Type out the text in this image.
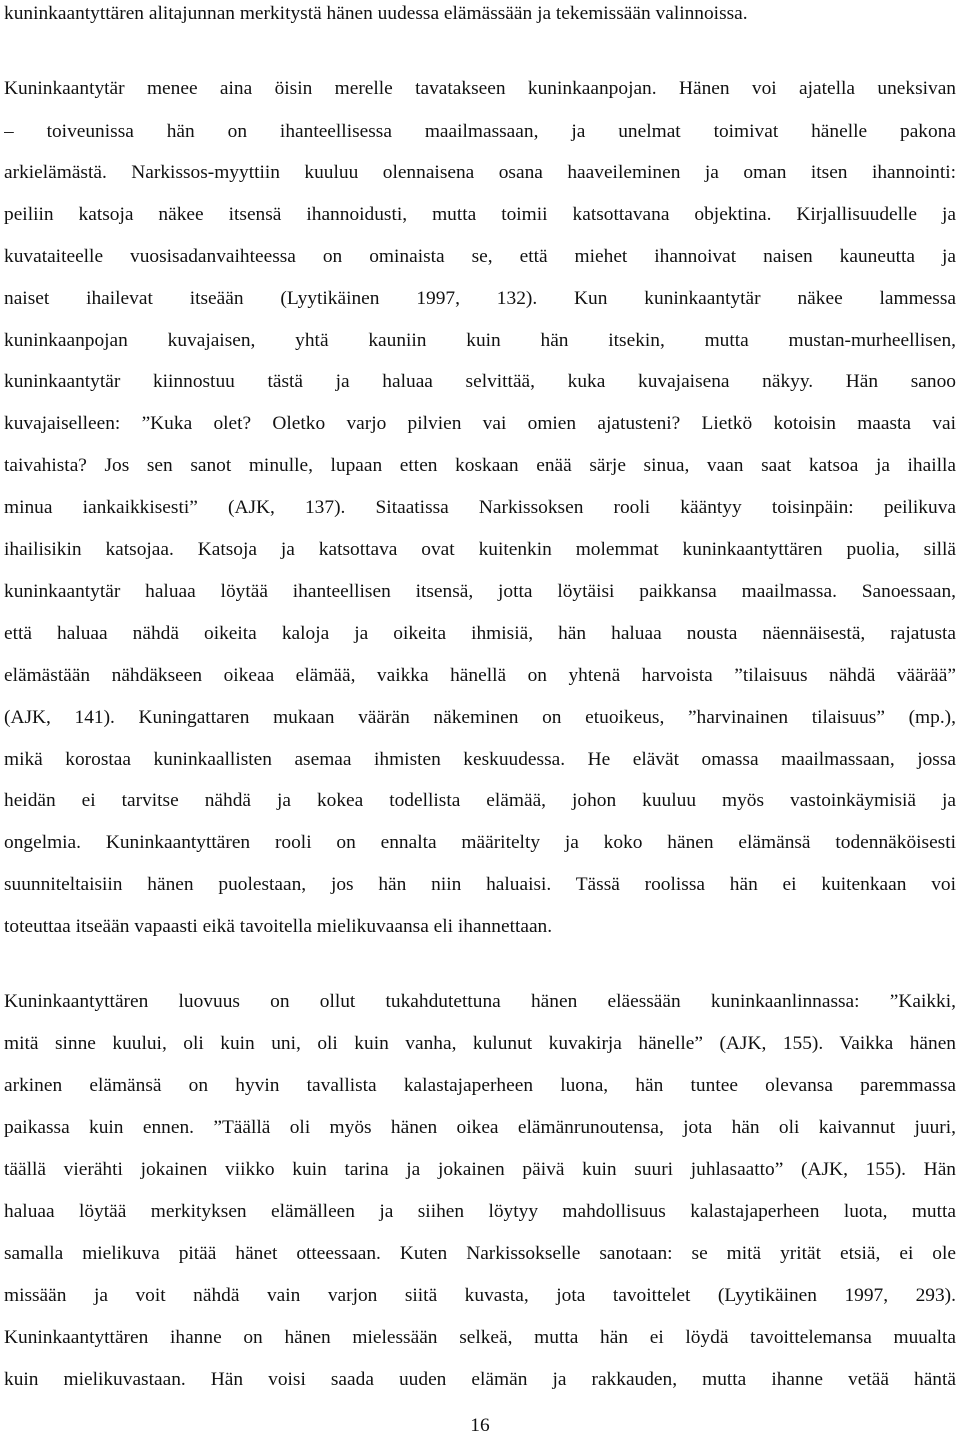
kuninkaantyttären alitajunnan merkitystä hänen uudessa elämässään ja tekemissään valinnoissa.
Kuninkaantytär menee aina öisin merelle tavatakseen kuninkaanpojan. Hänen voi ajatella uneksivan
– toiveunissa hän on ihanteellisessa maailmassaan, ja unelmat toimivat hänelle pakona
arkielämästä. Narkissos-myyttiin kuuluu olennaisena osana haaveileminen ja oman itsen ihannointi:
peiliin katsoja näkee itsensä ihannoidusti, mutta toimii katsottavana objektina. Kirjallisuudelle ja
kuvataiteelle vuosisadanvaihteessa on ominaista se, että miehet ihannoivat naisen kauneutta ja
naiset ihailevat itseään (Lyytikäinen 1997, 132). Kun kuninkaantytär näkee lammessa
kuninkaanpojan kuvajaisen, yhtä kauniin kuin hän itsekin, mutta mustan-murheellisen,
kuninkaantytär kiinnostuu tästä ja haluaa selvittää, kuka kuvajaisena näkyy. Hän sanoo
kuvajaiselleen: ”Kuka olet? Oletko varjo pilvien vai omien ajatusteni? Lietkö kotoisin maasta vai
taivahista? Jos sen sanot minulle, lupaan etten koskaan enää särje sinua, vaan saat katsoa ja ihailla
minua iankaikkisesti” (AJK, 137). Sitaatissa Narkissoksen rooli kääntyy toisinpäin: peilikuva
ihailisikin katsojaa. Katsoja ja katsottava ovat kuitenkin molemmat kuninkaantyttären puolia, sillä
kuninkaantytär haluaa löytää ihanteellisen itsensä, jotta löytäisi paikkansa maailmassa. Sanoessaan,
että haluaa nähdä oikeita kaloja ja oikeita ihmisiä, hän haluaa nousta näennäisestä, rajatusta
elämästään nähdäkseen oikeaa elämää, vaikka hänellä on yhtenä harvoista ”tilaisuus nähdä väärää”
(AJK, 141). Kuningattaren mukaan väärän näkeminen on etuoikeus, ”harvinainen tilaisuus” (mp.),
mikä korostaa kuninkaallisten asemaa ihmisten keskuudessa. He elävät omassa maailmassaan, jossa
heidän ei tarvitse nähdä ja kokea todellista elämää, johon kuuluu myös vastoinkäymisiä ja
ongelmia. Kuninkaantyttären rooli on ennalta määritelty ja koko hänen elämänsä todennäköisesti
suunniteltaisiin hänen puolestaan, jos hän niin haluaisi. Tässä roolissa hän ei kuitenkaan voi
toteuttaa itseään vapaasti eikä tavoitella mielikuvaansa eli ihannettaan.
Kuninkaantyttären luovuus on ollut tukahdutettuna hänen eläessään kuninkaanlinnassa: ”Kaikki,
mitä sinne kuului, oli kuin uni, oli kuin vanha, kulunut kuvakirja hänelle” (AJK, 155). Vaikka hänen
arkinen elämänsä on hyvin tavallista kalastajaperheen luona, hän tuntee olevansa paremmassa
paikassa kuin ennen. ”Täällä oli myös hänen oikea elämänrunoutensa, jota hän oli kaivannut juuri,
täällä vierähti jokainen viikko kuin tarina ja jokainen päivä kuin suuri juhlasaatto” (AJK, 155). Hän
haluaa löytää merkityksen elämälleen ja siihen löytyy mahdollisuus kalastajaperheen luota, mutta
samalla mielikuva pitää hänet otteessaan. Kuten Narkissokselle sanotaan: se mitä yrität etsiä, ei ole
missään ja voit nähdä vain varjon siitä kuvasta, jota tavoittelet (Lyytikäinen 1997, 293).
Kuninkaantyttären ihanne on hänen mielessään selkeä, mutta hän ei löydä tavoittelemansa muualta
kuin mielikuvastaan. Hän voisi saada uuden elämän ja rakkauden, mutta ihanne vetää häntä
16
